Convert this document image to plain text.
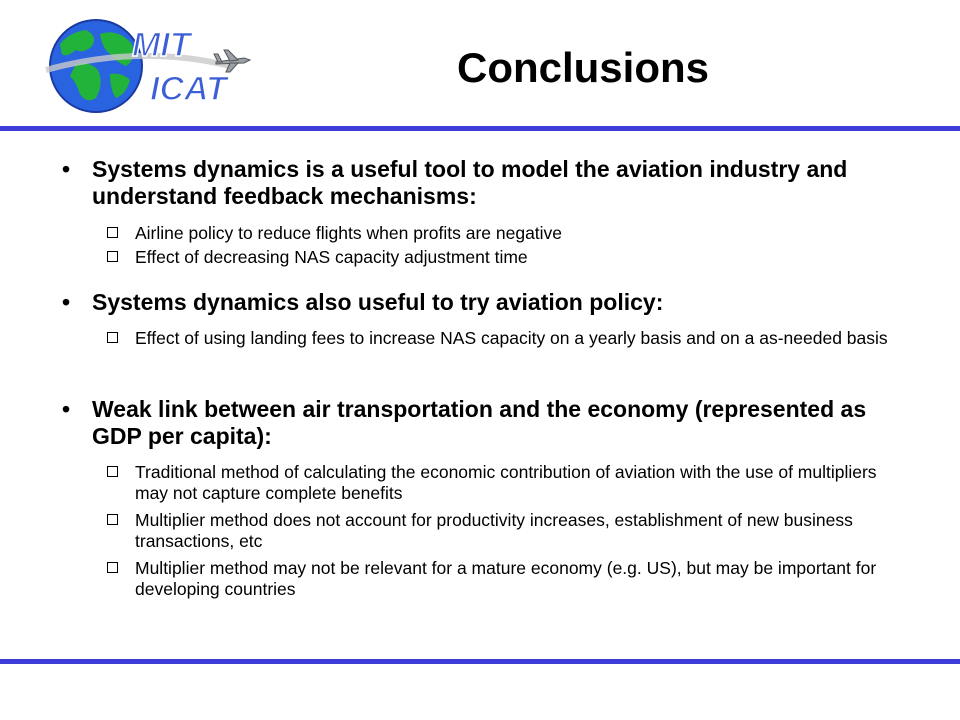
MIT
ICAT	Conclusions
• Systems dynamics is a useful tool to model the aviation industry and understand feedback mechanisms:
Airline policy to reduce flights when profits are negative
Effect of decreasing NAS capacity adjustment time
• Systems dynamics also useful to try aviation policy:
Effect of using landing fees to increase NAS capacity on a yearly basis and on a as-needed basis
• Weak link between air transportation and the economy (represented as GDP per capita):
Traditional method of calculating the economic contribution of aviation with the use of multipliers may not capture complete benefits
Multiplier method does not account for productivity increases, establishment of new business transactions, etc
Multiplier method may not be relevant for a mature economy (e.g. US), but may be important for developing countries
